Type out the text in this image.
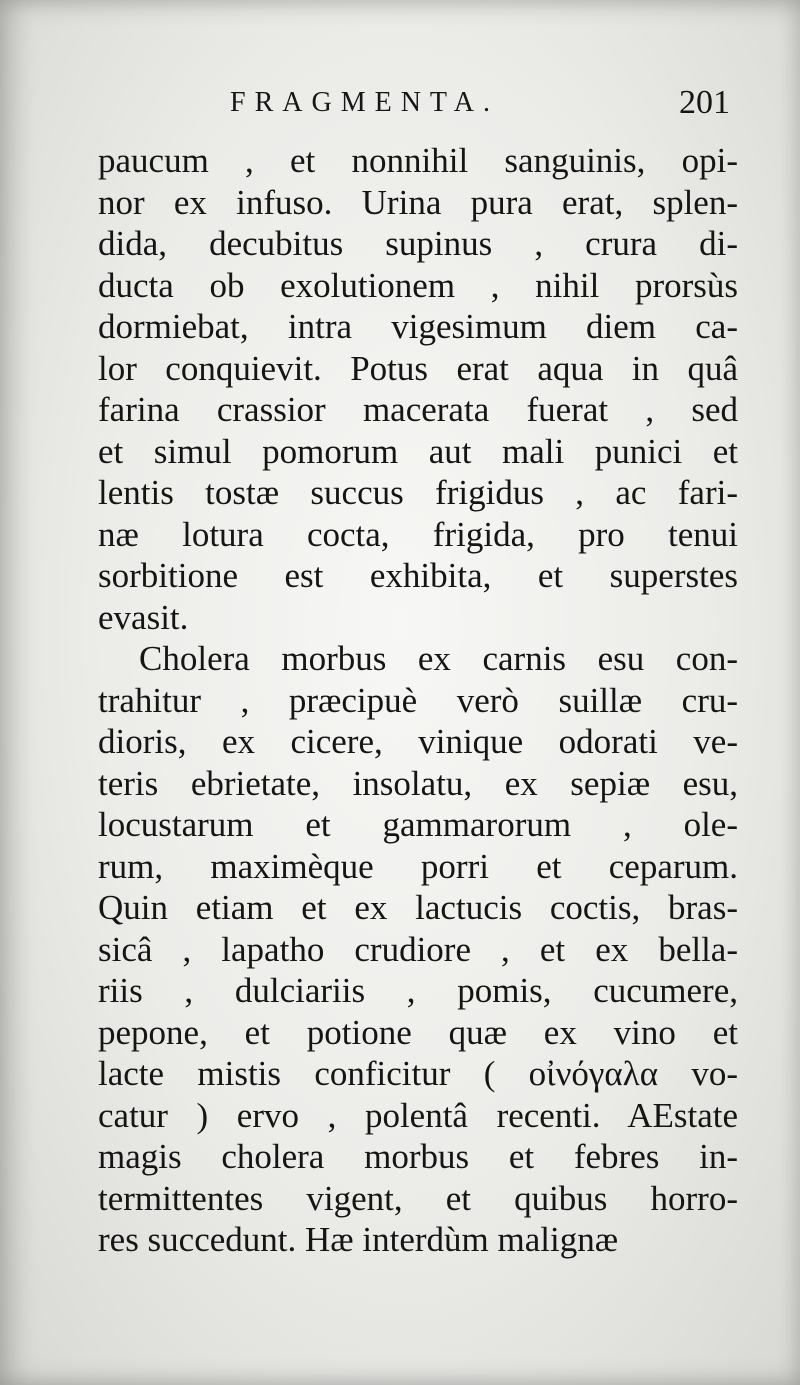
FRAGMENTA.	201
paucum , et nonnihil sanguinis, opi-
nor ex infuso. Urina pura erat, splen-
dida, decubitus supinus , crura di-
ducta ob exolutionem , nihil prorsùs
dormiebat, intra vigesimum diem ca-
lor conquievit. Potus erat aqua in quâ
farina crassior macerata fuerat , sed
et simul pomorum aut mali punici et
lentis tostæ succus frigidus , ac fari-
næ lotura cocta, frigida, pro tenui
sorbitione est exhibita, et superstes
evasit.
Cholera morbus ex carnis esu con-
trahitur , præcipuè verò suillæ cru-
dioris, ex cicere, vinique odorati ve-
teris ebrietate, insolatu, ex sepiæ esu,
locustarum et gammarorum , ole-
rum, maximèque porri et ceparum.
Quin etiam et ex lactucis coctis, bras-
sicâ , lapatho crudiore , et ex bella-
riis , dulciariis , pomis, cucumere,
pepone, et potione quæ ex vino et
lacte mistis conficitur ( οἰνόγαλα vo-
catur ) ervo , polentâ recenti. AEstate
magis cholera morbus et febres in-
termittentes vigent, et quibus horro-
res succedunt. Hæ interdùm malignæ
